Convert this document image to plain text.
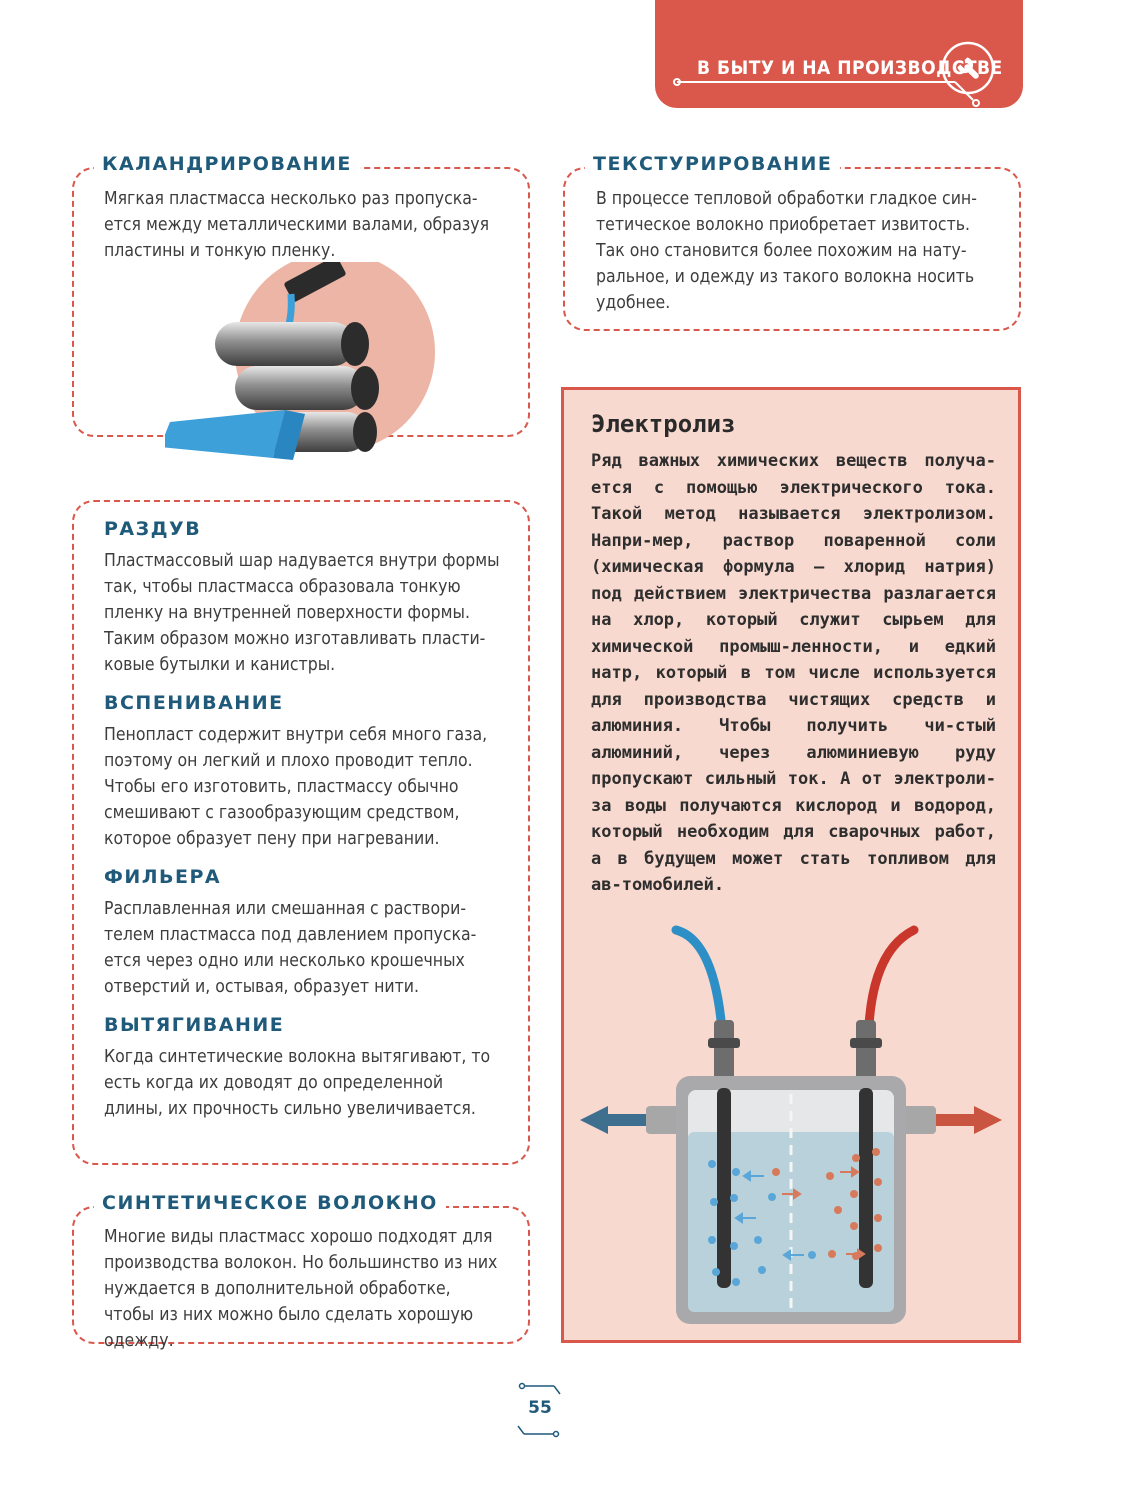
В БЫТУ И НА ПРОИЗВОДСТВЕ
КАЛАНДРИРОВАНИЕ
Мягкая пластмасса несколько раз пропуска-ется между металлическими валами, образуя пластины и тонкую пленку.
ТЕКСТУРИРОВАНИЕ
В процессе тепловой обработки гладкое син-тетическое волокно приобретает извитость. Так оно становится более похожим на нату-ральное, и одежду из такого волокна носить удобнее.
РАЗДУВ
Пластмассовый шар надувается внутри формы так, чтобы пластмасса образовала тонкую пленку на внутренней поверхности формы. Таким образом можно изготавливать пласти-ковые бутылки и канистры.
ВСПЕНИВАНИЕ
Пенопласт содержит внутри себя много газа, поэтому он легкий и плохо проводит тепло. Чтобы его изготовить, пластмассу обычно смешивают с газообразующим средством, которое образует пену при нагревании.
ФИЛЬЕРА
Расплавленная или смешанная с раствори-телем пластмасса под давлением пропуска-ется через одно или несколько крошечных отверстий и, остывая, образует нити.
ВЫТЯГИВАНИЕ
Когда синтетические волокна вытягивают, то есть когда их доводят до определенной длины, их прочность сильно увеличивается.
СИНТЕТИЧЕСКОЕ ВОЛОКНО
Многие виды пластмасс хорошо подходят для производства волокон. Но большинство из них нуждается в дополнительной обработке, чтобы из них можно было сделать хорошую одежду.
Электролиз
Ряд важных химических веществ получа-ется с помощью электрического тока. Такой метод называется электролизом. Напри-мер, раствор поваренной соли (химическая формула — хлорид натрия) под действием электричества разлагается на хлор, который служит сырьем для химической промыш-ленности, и едкий натр, который в том числе используется для производства чистящих средств и алюминия. Чтобы получить чи-стый алюминий, через алюминиевую руду пропускают сильный ток. А от электроли-за воды получаются кислород и водород, который необходим для сварочных работ, а в будущем может стать топливом для ав-томобилей.
55
